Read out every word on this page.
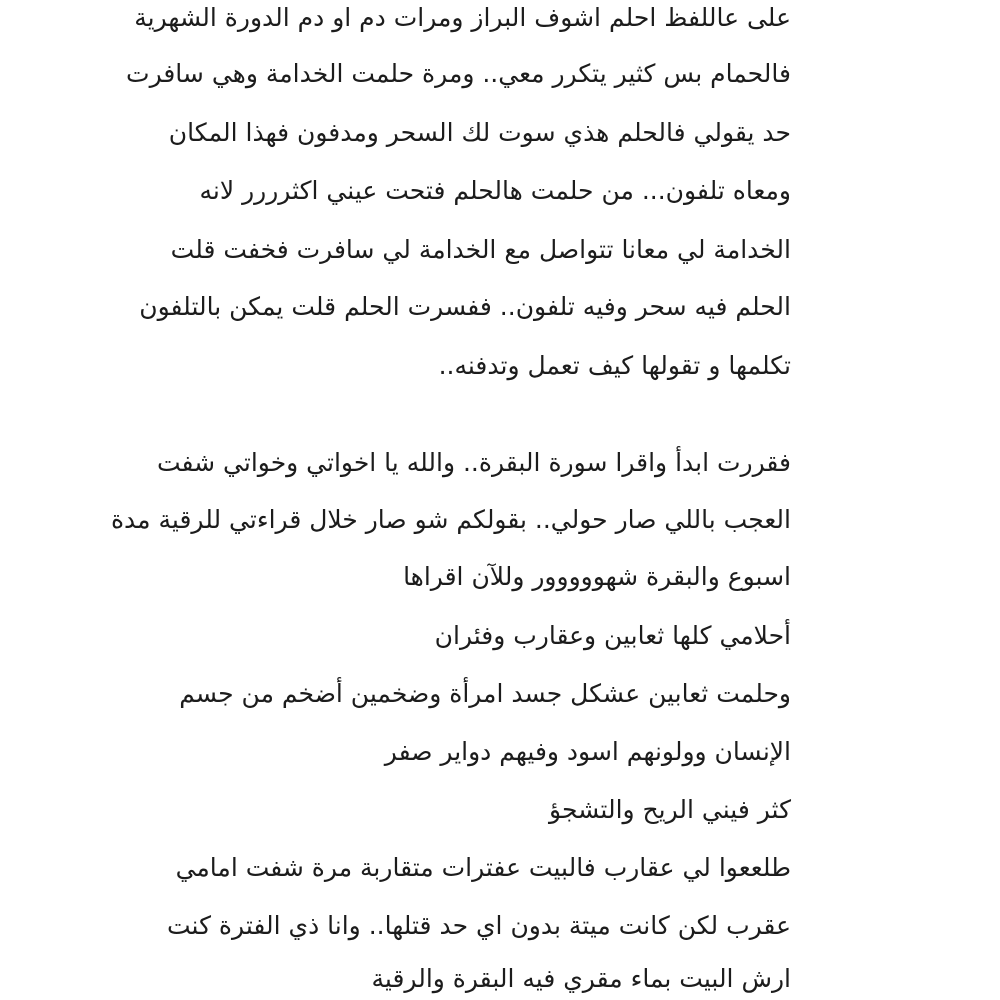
على عاللفظ احلم اشوف البراز ومرات دم او دم الدورة الشهرية
فالحمام بس كثير يتكرر معي.. ومرة حلمت الخدامة وهي سافرت
حد يقولي فالحلم هذي سوت لك السحر ومدفون فهذا المكان
ومعاه تلفون... من حلمت هالحلم فتحت عيني اكثرررر لانه
الخدامة لي معانا تتواصل مع الخدامة لي سافرت فخفت قلت
الحلم فيه سحر وفيه تلفون.. ففسرت الحلم قلت يمكن بالتلفون
تكلمها و تقولها كيف تعمل وتدفنه..
فقررت ابدأ واقرا سورة البقرة.. والله يا اخواتي وخواتي شفت
العجب باللي صار حولي.. بقولكم شو صار خلال قراءتي للرقية مدة
اسبوع والبقرة شهووووور وللآن اقراها
أحلامي كلها ثعابين وعقارب وفئران
وحلمت ثعابين عشكل جسد امرأة وضخمين أضخم من جسم
الإنسان وولونهم اسود وفيهم دواير صفر
كثر فيني الريح والتشجؤ
طلععوا لي عقارب فالبيت عفترات متقاربة مرة شفت امامي
عقرب لكن كانت ميتة بدون اي حد قتلها.. وانا ذي الفترة كنت
ارش البيت بماء مقري فيه البقرة والرقية
